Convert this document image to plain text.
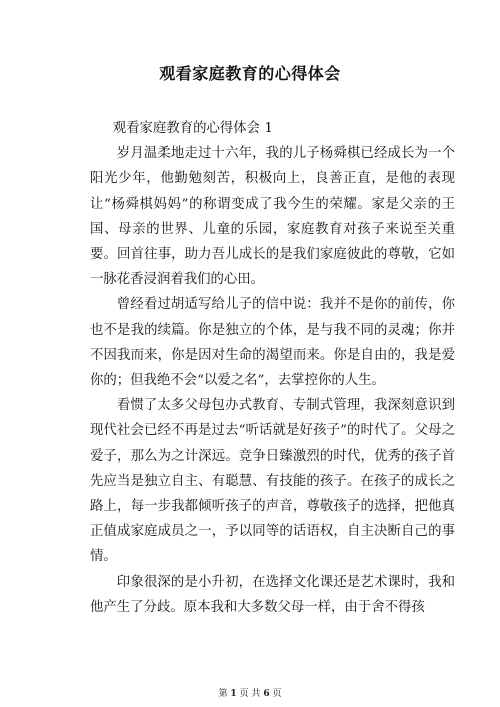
观看家庭教育的心得体会
观看家庭教育的心得体会 1

岁月温柔地走过十六年，我的儿子杨舜棋已经成长为一个阳光少年，他勤勉刻苦，积极向上，良善正直，是他的表现让“杨舜棋妈妈”的称谓变成了我今生的荣耀。家是父亲的王国、母亲的世界、儿童的乐园，家庭教育对孩子来说至关重要。回首往事，助力吾儿成长的是我们家庭彼此的尊敬，它如一脉花香浸润着我们的心田。

曾经看过胡适写给儿子的信中说：我并不是你的前传，你也不是我的续篇。你是独立的个体，是与我不同的灵魂；你并不因我而来，你是因对生命的渴望而来。你是自由的，我是爱你的；但我绝不会“以爱之名”，去掌控你的人生。

看惯了太多父母包办式教育、专制式管理，我深刻意识到现代社会已经不再是过去“听话就是好孩子”的时代了。父母之爱子，那么为之计深远。竞争日臻激烈的时代，优秀的孩子首先应当是独立自主、有聪慧、有技能的孩子。在孩子的成长之路上，每一步我都倾听孩子的声音，尊敬孩子的选择，把他真正值成家庭成员之一，予以同等的话语权，自主决断自己的事情。

印象很深的是小升初，在选择文化课还是艺术课时，我和他产生了分歧。原本我和大多数父母一样，由于舍不得孩

第 1 页 共 6 页
